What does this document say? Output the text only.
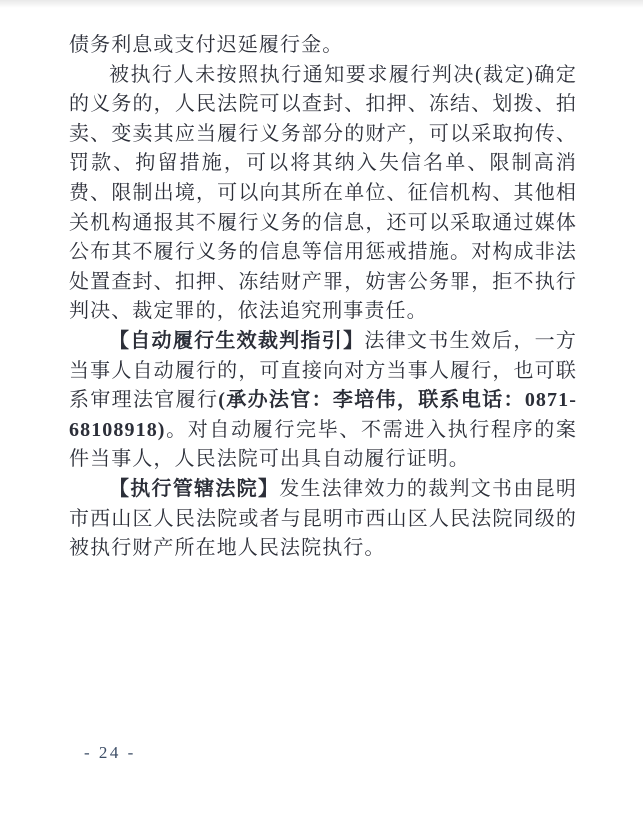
债务利息或支付迟延履行金。

被执行人未按照执行通知要求履行判决(裁定)确定的义务的，人民法院可以查封、扣押、冻结、划拨、拍卖、变卖其应当履行义务部分的财产，可以采取拘传、罚款、拘留措施，可以将其纳入失信名单、限制高消费、限制出境，可以向其所在单位、征信机构、其他相关机构通报其不履行义务的信息，还可以采取通过媒体公布其不履行义务的信息等信用惩戒措施。对构成非法处置查封、扣押、冻结财产罪，妨害公务罪，拒不执行判决、裁定罪的，依法追究刑事责任。

【自动履行生效裁判指引】法律文书生效后，一方当事人自动履行的，可直接向对方当事人履行，也可联系审理法官履行(承办法官：李培伟，联系电话：0871-68108918)。对自动履行完毕、不需进入执行程序的案件当事人，人民法院可出具自动履行证明。

【执行管辖法院】发生法律效力的裁判文书由昆明市西山区人民法院或者与昆明市西山区人民法院同级的被执行财产所在地人民法院执行。

- 24 -
